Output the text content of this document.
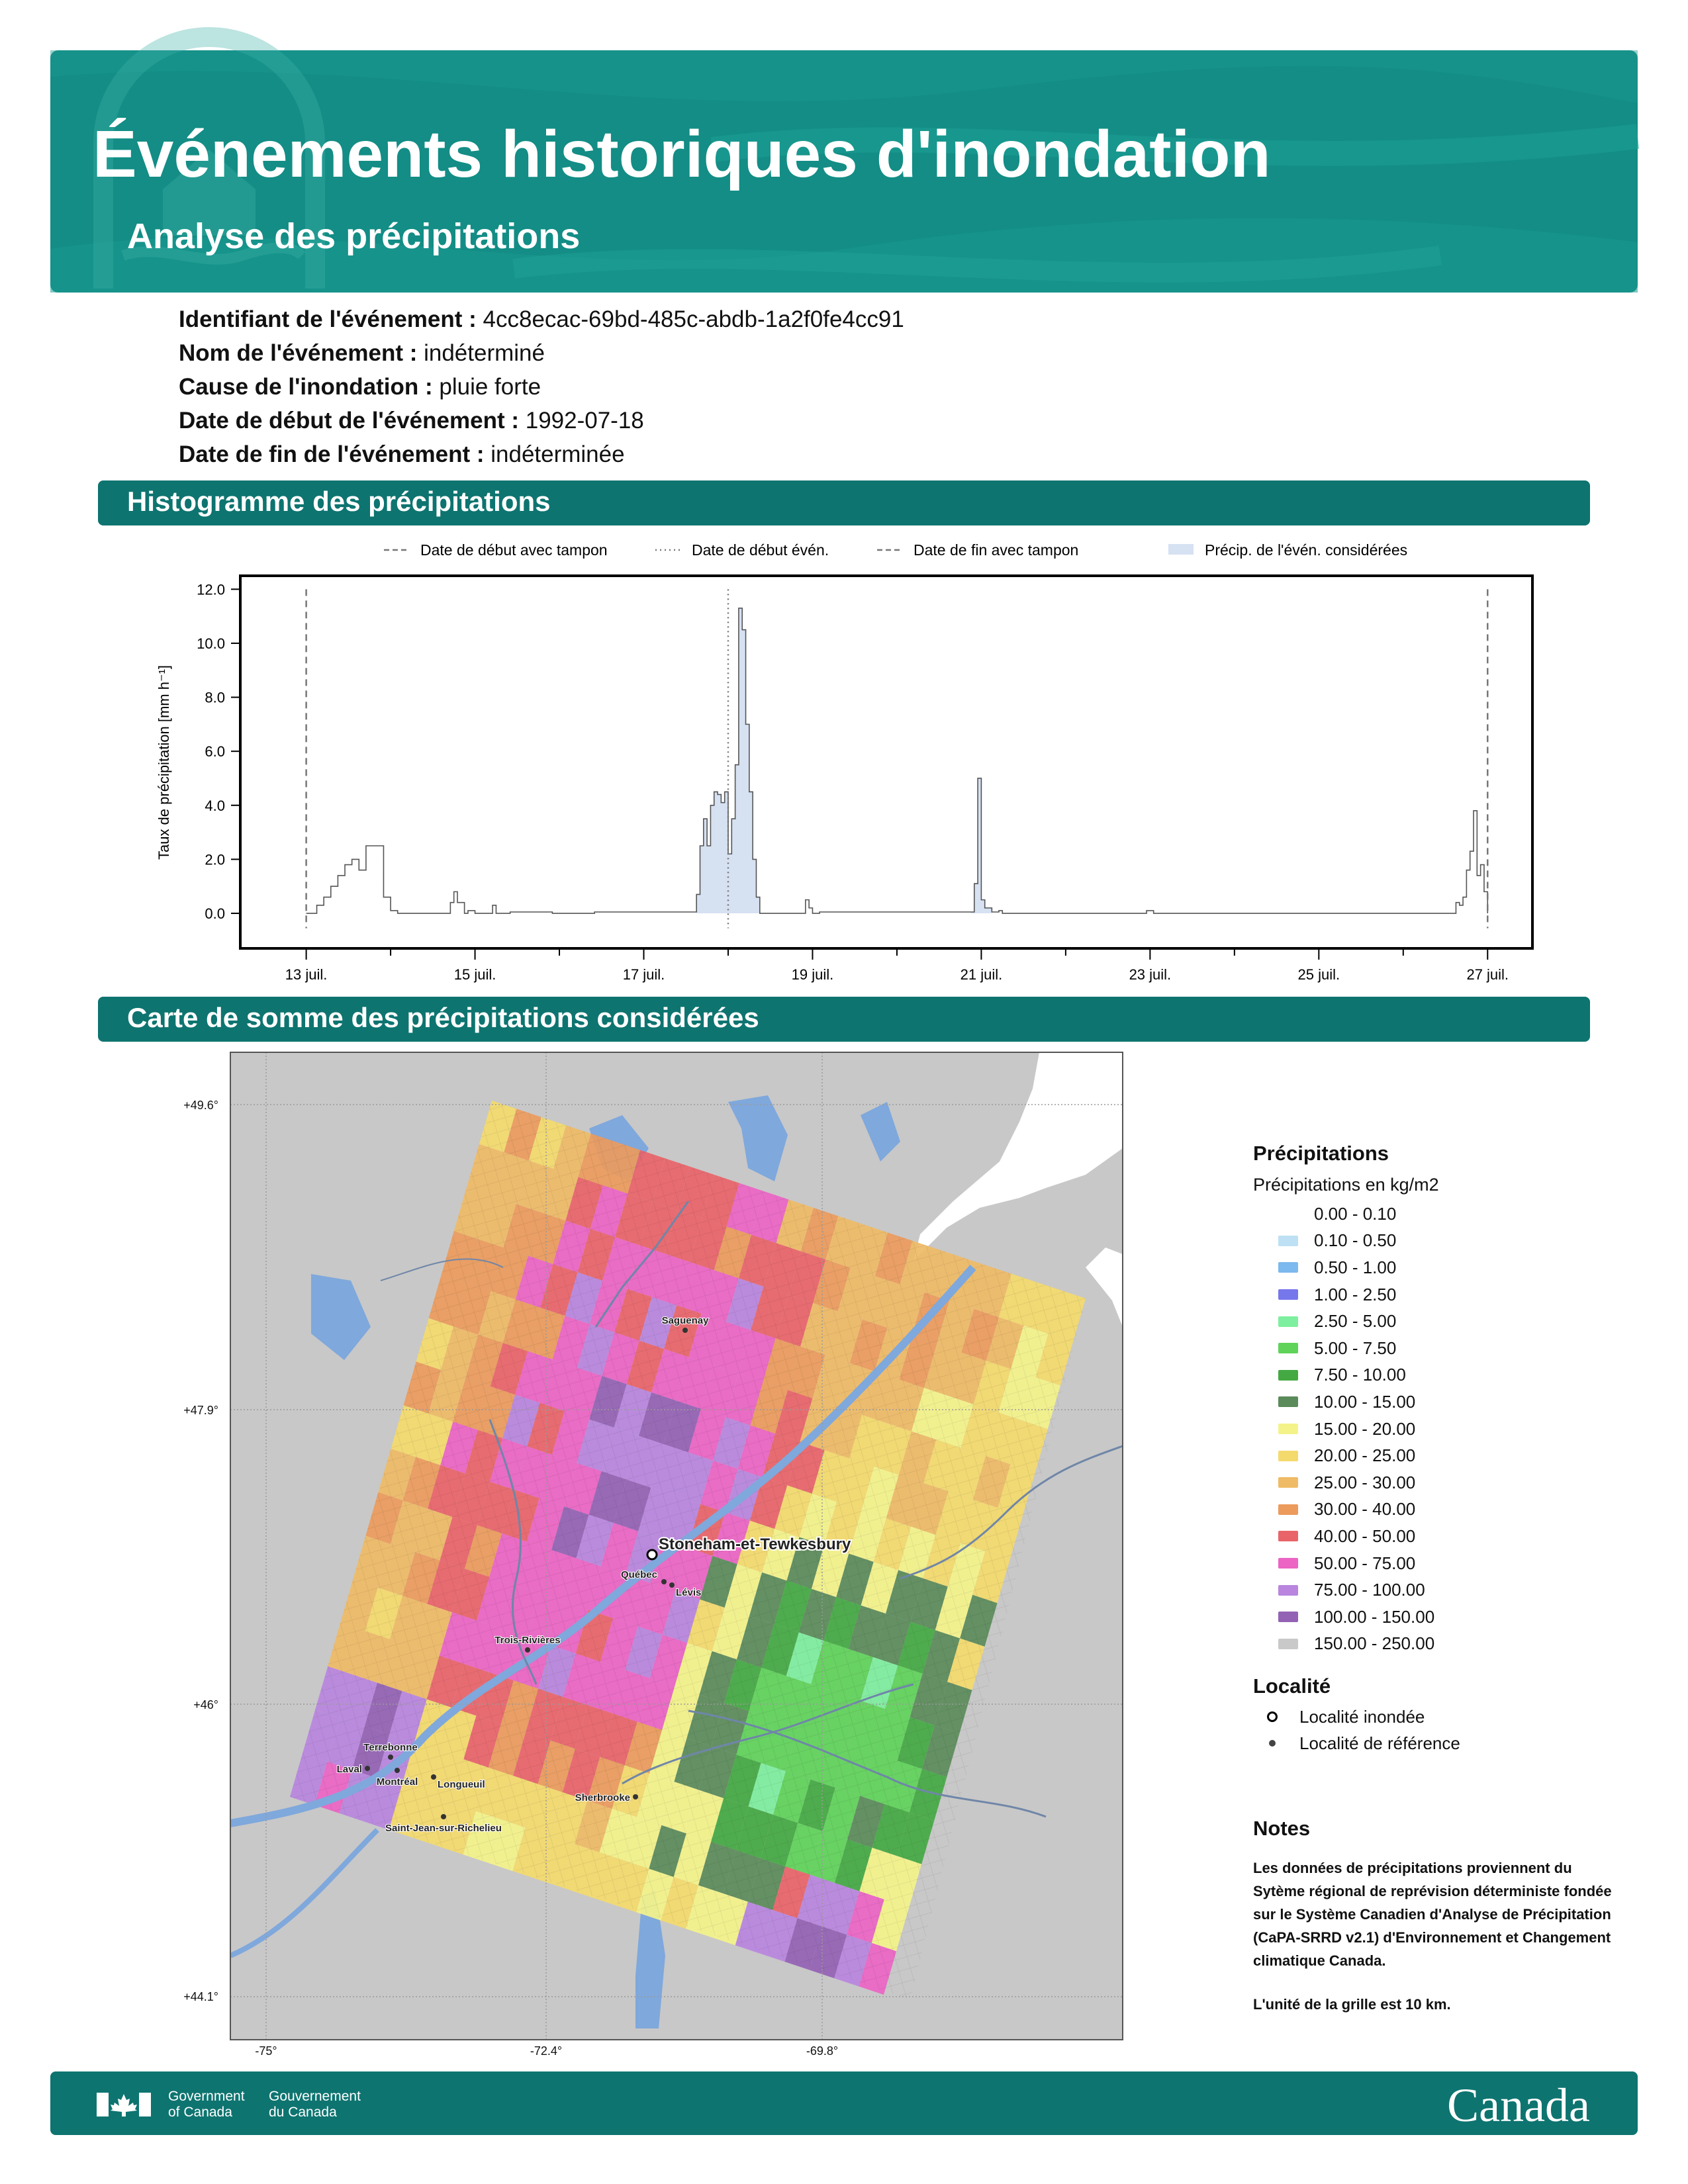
Événements historiques d'inondation
Analyse des précipitations
Identifiant de l'événement : 4cc8ecac-69bd-485c-abdb-1a2f0fe4cc91
Nom de l'événement : indéterminé
Cause de l'inondation : pluie forte
Date de début de l'événement : 1992-07-18
Date de fin de l'événement : indéterminée
Histogramme des précipitations
Date de début avec tampon	Date de début évén.	Date de fin avec tampon	Précip. de l'évén. considérées
0.0
2.0
4.0
6.0
8.0
10.0
12.0
13 juil.	15 juil.	17 juil.	19 juil.	21 juil.	23 juil.	25 juil.	27 juil.
Taux de précipitation [mm h⁻¹]
Carte de somme des précipitations considérées
Stoneham-et-Tewkesbury
Québec
Lévis
Saguenay
Trois-Rivières
Terrebonne
Laval
Montréal Longueuil
Sherbrooke
Saint-Jean-sur-Richelieu
+49.6°
+47.9°
+46°
+44.1°
-75°	-72.4°	-69.8°
Précipitations
Précipitations en kg/m2
0.00 - 0.10
0.10 - 0.50
0.50 - 1.00
1.00 - 2.50
2.50 - 5.00
5.00 - 7.50
7.50 - 10.00
10.00 - 15.00
15.00 - 20.00
20.00 - 25.00
25.00 - 30.00
30.00 - 40.00
40.00 - 50.00
50.00 - 75.00
75.00 - 100.00
100.00 - 150.00
150.00 - 250.00
Localité
Localité inondée
Localité de référence
Notes
Les données de précipitations proviennent du Sytème régional de reprévision déterministe fondée sur le Système Canadien d'Analyse de Précipitation (CaPA-SRRD v2.1) d'Environnement et Changement climatique Canada.
L'unité de la grille est 10 km.
Government
of Canada
Gouvernement
du Canada	Canada
